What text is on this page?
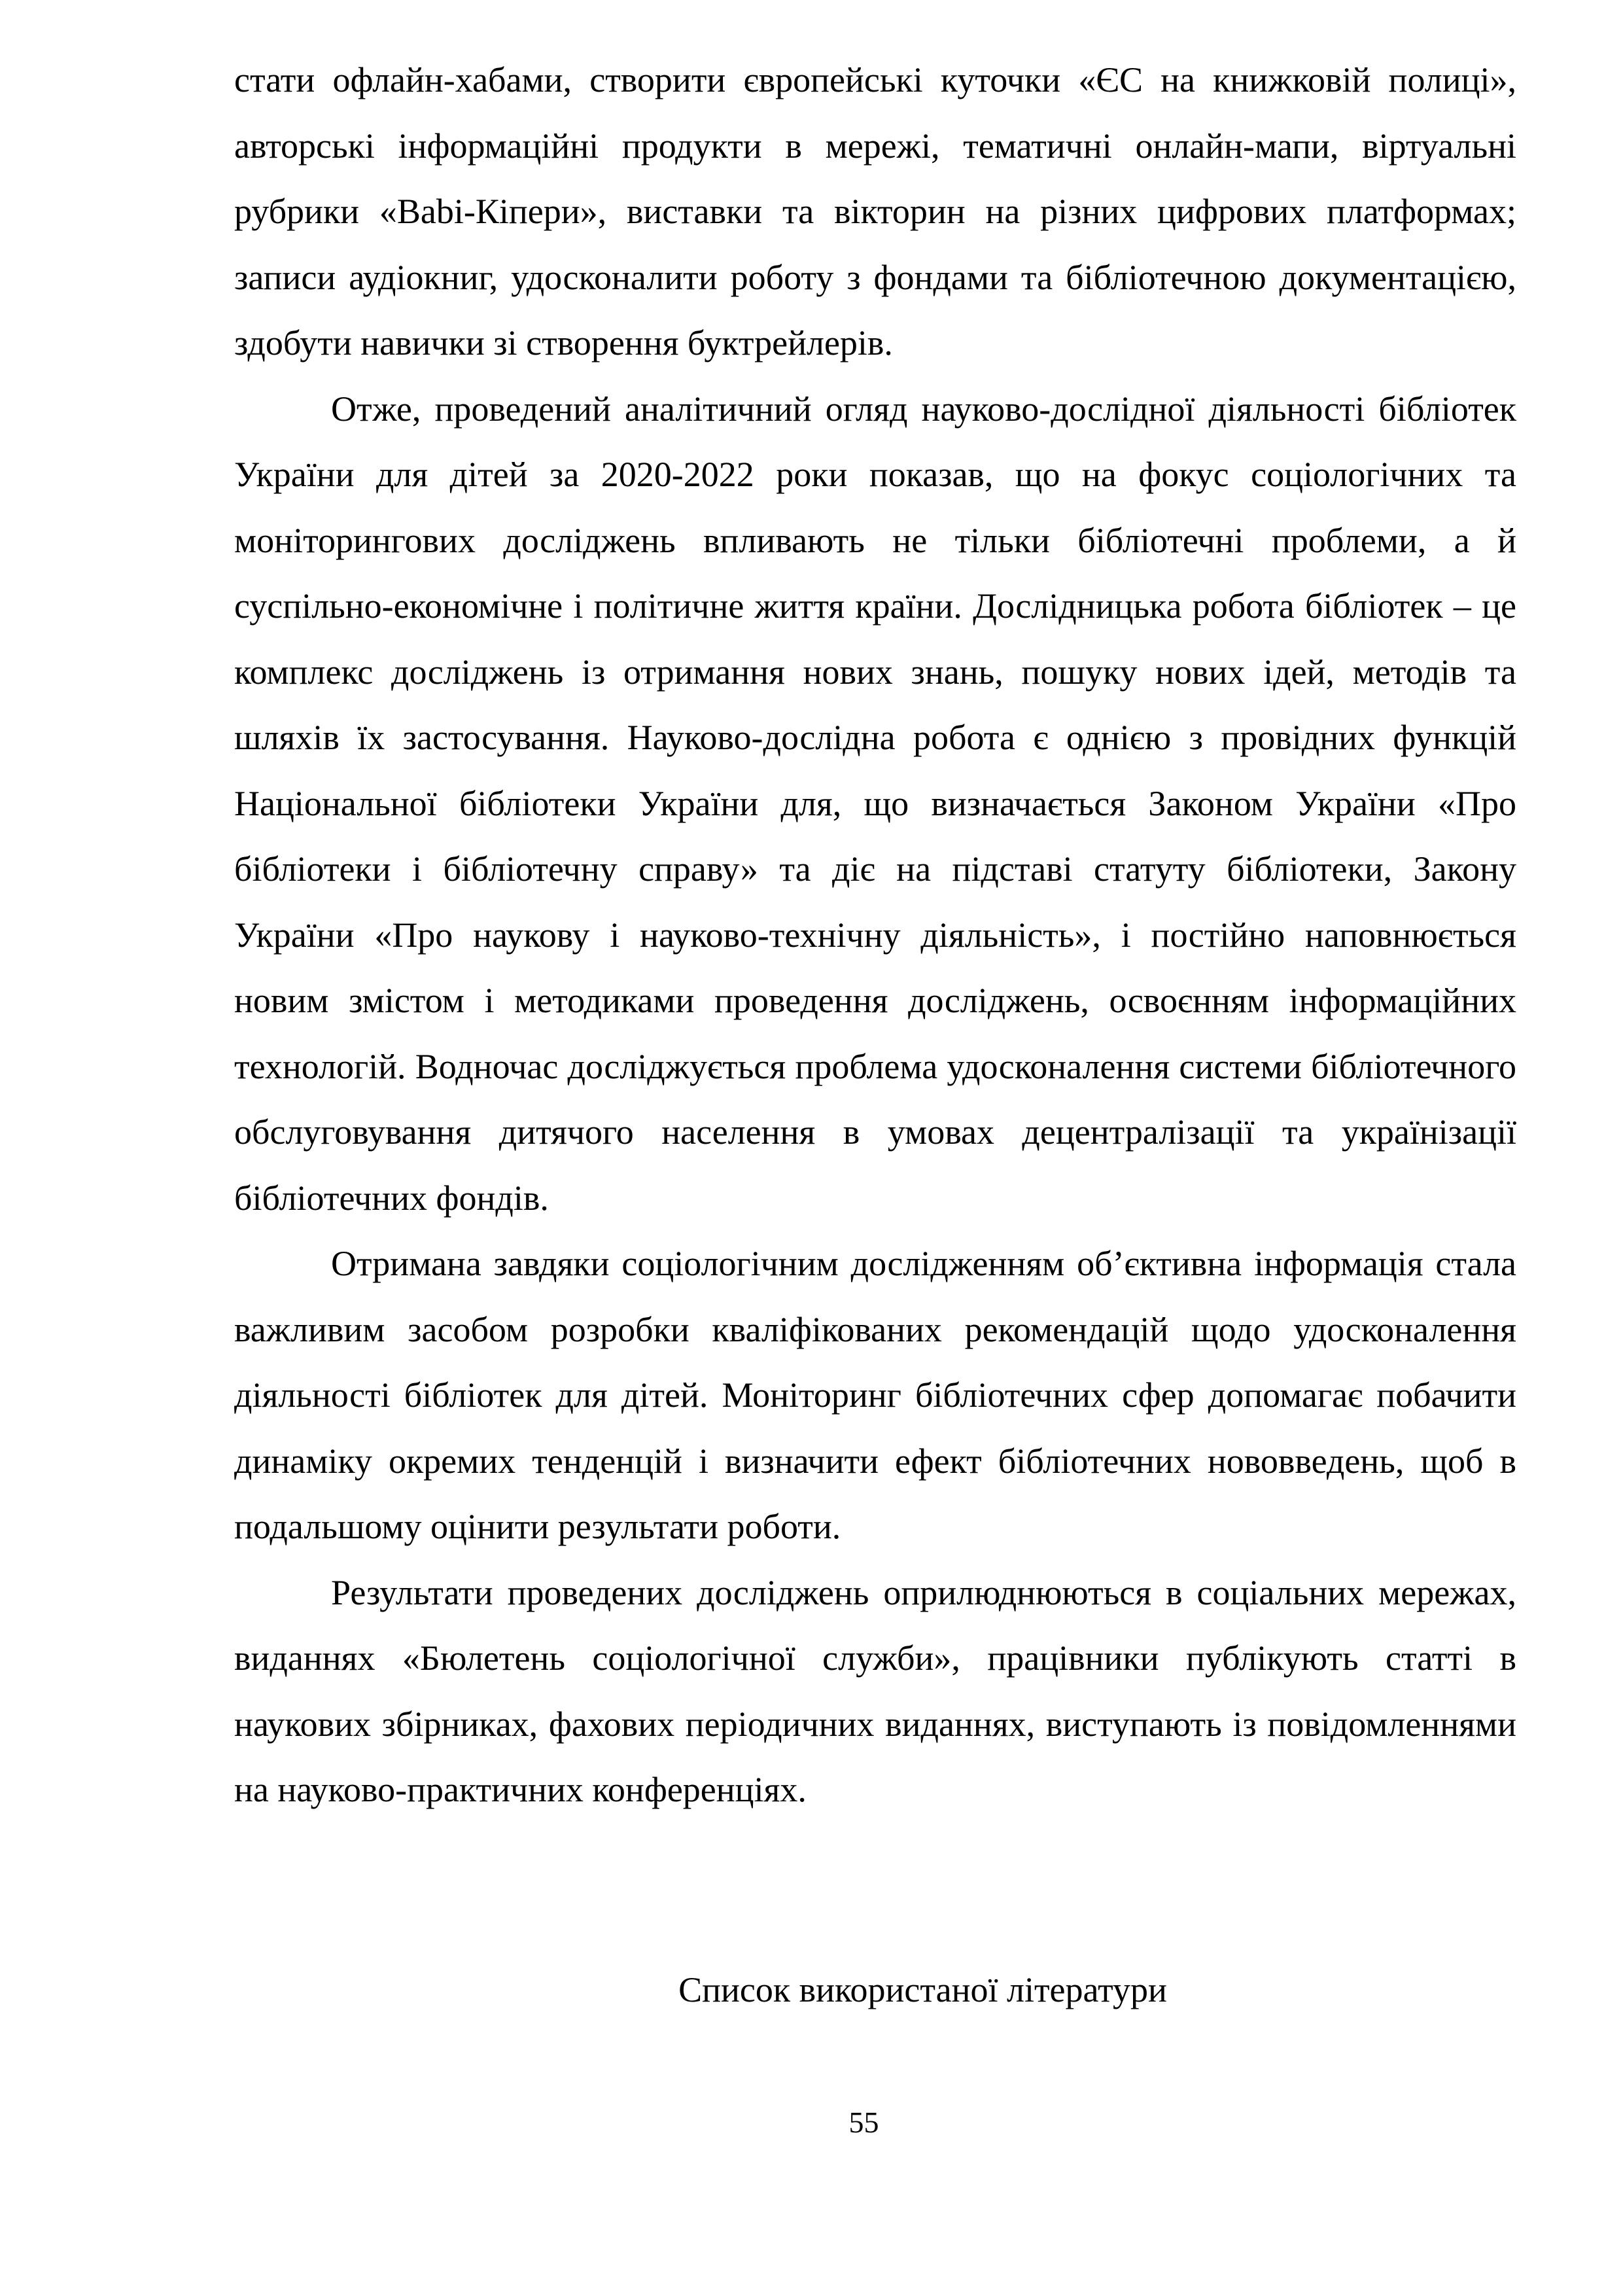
стати офлайн-хабами, створити європейські куточки «ЄС на книжковій полиці», авторські інформаційні продукти в мережі, тематичні онлайн-мапи, віртуальні рубрики «Babі-Кіпери», виставки та вікторин на різних цифрових платформах; записи аудіокниг, удосконалити роботу з фондами та бібліотечною документацією, здобути навички зі створення буктрейлерів.

Отже, проведений аналітичний огляд науково-дослідної діяльності бібліотек України для дітей за 2020-2022 роки показав, що на фокус соціологічних та моніторингових досліджень впливають не тільки бібліотечні проблеми, а й суспільно-економічне і політичне життя країни. Дослідницька робота бібліотек – це комплекс досліджень із отримання нових знань, пошуку нових ідей, методів та шляхів їх застосування. Науково-дослідна робота є однією з провідних функцій Національної бібліотеки України для, що визначається Законом України «Про бібліотеки і бібліотечну справу» та діє на підставі статуту бібліотеки, Закону України «Про наукову і науково-технічну діяльність», і постійно наповнюється новим змістом і методиками проведення досліджень, освоєнням інформаційних технологій. Водночас досліджується проблема удосконалення системи бібліотечного обслуговування дитячого населення в умовах децентралізації та українізації бібліотечних фондів.

Отримана завдяки соціологічним дослідженням об’єктивна інформація стала важливим засобом розробки кваліфікованих рекомендацій щодо удосконалення діяльності бібліотек для дітей. Моніторинг бібліотечних сфер допомагає побачити динаміку окремих тенденцій і визначити ефект бібліотечних нововведень, щоб в подальшому оцінити результати роботи.

Результати проведених досліджень оприлюднюються в соціальних мережах, виданнях «Бюлетень соціологічної служби», працівники публікують статті в наукових збірниках, фахових періодичних виданнях, виступають із повідомленнями на науково-практичних конференціях.

Список використаної літератури
55
